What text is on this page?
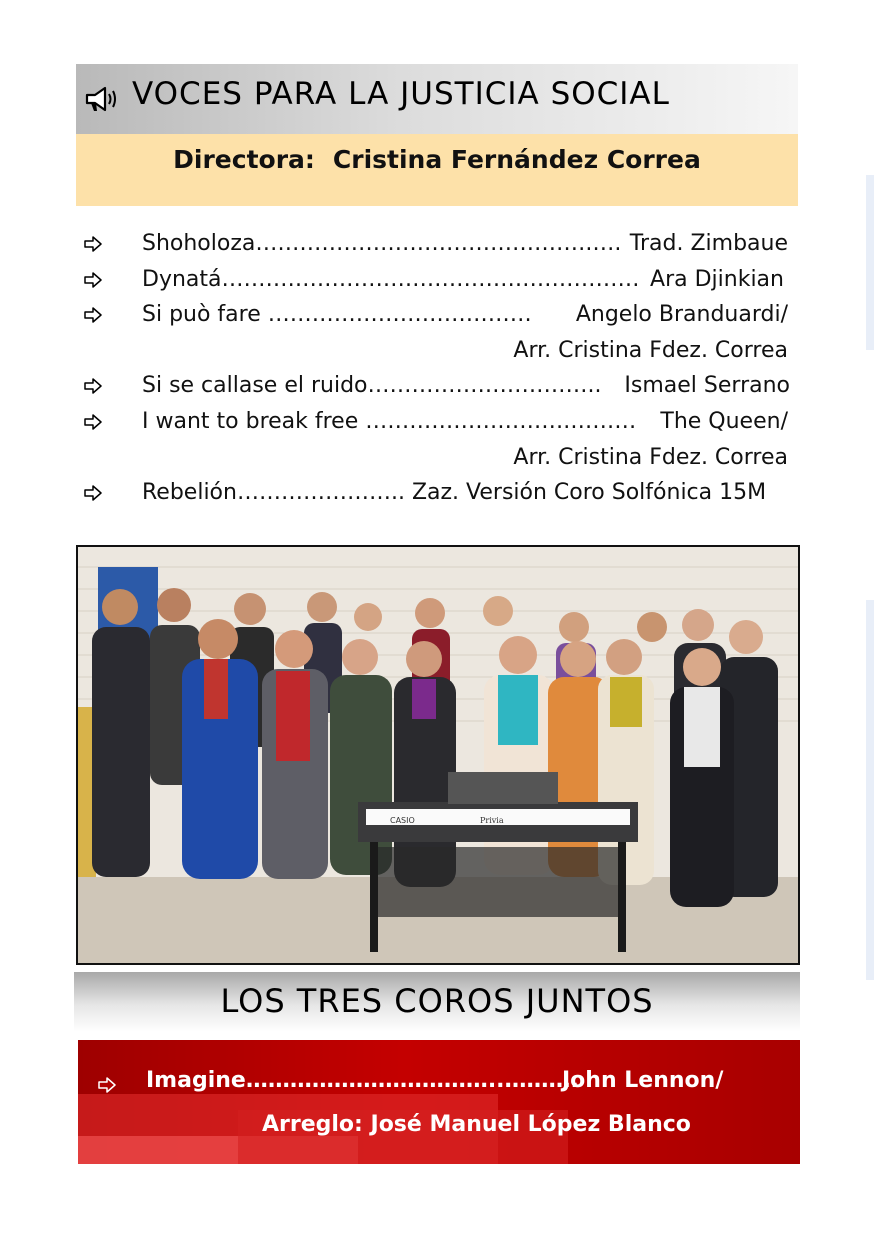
VOCES PARA LA JUSTICIA SOCIAL
Directora: Cristina Fernández Correa
Shoholoza……………………………………….…. Trad. Zimbaue
Dynatá………………………………………………… Ara Djinkian
Si può fare ……………………………… Angelo Branduardi/
Arr. Cristina Fdez. Correa
Si se callase el ruido………………………….. Ismael Serrano
I want to break free ……………………….……… The Queen/
Arr. Cristina Fdez. Correa
Rebelión………………….. Zaz. Versión Coro Solfónica 15M
CASIO	Privia
LOS TRES COROS JUNTOS
Imagine……………………………..……….
John Lennon/
Arreglo: José Manuel López Blanco
